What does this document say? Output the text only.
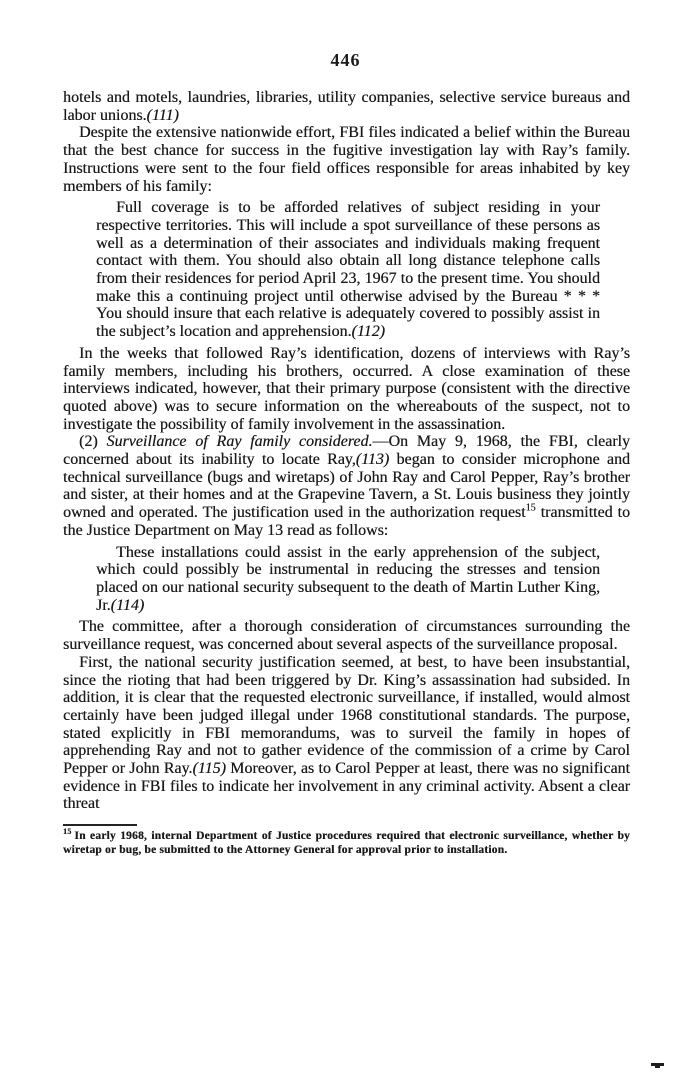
446

hotels and motels, laundries, libraries, utility companies, selective service bureaus and labor unions.(111)

Despite the extensive nationwide effort, FBI files indicated a belief within the Bureau that the best chance for success in the fugitive investigation lay with Ray’s family. Instructions were sent to the four field offices responsible for areas inhabited by key members of his family:

Full coverage is to be afforded relatives of subject residing in your respective territories. This will include a spot surveillance of these persons as well as a determination of their associates and individuals making frequent contact with them. You should also obtain all long distance telephone calls from their residences for period April 23, 1967 to the present time. You should make this a continuing project until otherwise advised by the Bureau * * * You should insure that each relative is adequately covered to possibly assist in the subject’s location and apprehension.(112)

In the weeks that followed Ray’s identification, dozens of interviews with Ray’s family members, including his brothers, occurred. A close examination of these interviews indicated, however, that their primary purpose (consistent with the directive quoted above) was to secure information on the whereabouts of the suspect, not to investigate the possibility of family involvement in the assassination.

(2) Surveillance of Ray family considered.—On May 9, 1968, the FBI, clearly concerned about its inability to locate Ray,(113) began to consider microphone and technical surveillance (bugs and wiretaps) of John Ray and Carol Pepper, Ray’s brother and sister, at their homes and at the Grapevine Tavern, a St. Louis business they jointly owned and operated. The justification used in the authorization request$^{15}$ transmitted to the Justice Department on May 13 read as follows:

These installations could assist in the early apprehension of the subject, which could possibly be instrumental in reducing the stresses and tension placed on our national security subsequent to the death of Martin Luther King, Jr.(114)

The committee, after a thorough consideration of circumstances surrounding the surveillance request, was concerned about several aspects of the surveillance proposal.

First, the national security justification seemed, at best, to have been insubstantial, since the rioting that had been triggered by Dr. King’s assassination had subsided. In addition, it is clear that the requested electronic surveillance, if installed, would almost certainly have been judged illegal under 1968 constitutional standards. The purpose, stated explicitly in FBI memorandums, was to surveil the family in hopes of apprehending Ray and not to gather evidence of the commission of a crime by Carol Pepper or John Ray.(115) Moreover, as to Carol Pepper at least, there was no significant evidence in FBI files to indicate her involvement in any criminal activity. Absent a clear threat

$^{15}$ In early 1968, internal Department of Justice procedures required that electronic surveillance, whether by wiretap or bug, be submitted to the Attorney General for approval prior to installation.
